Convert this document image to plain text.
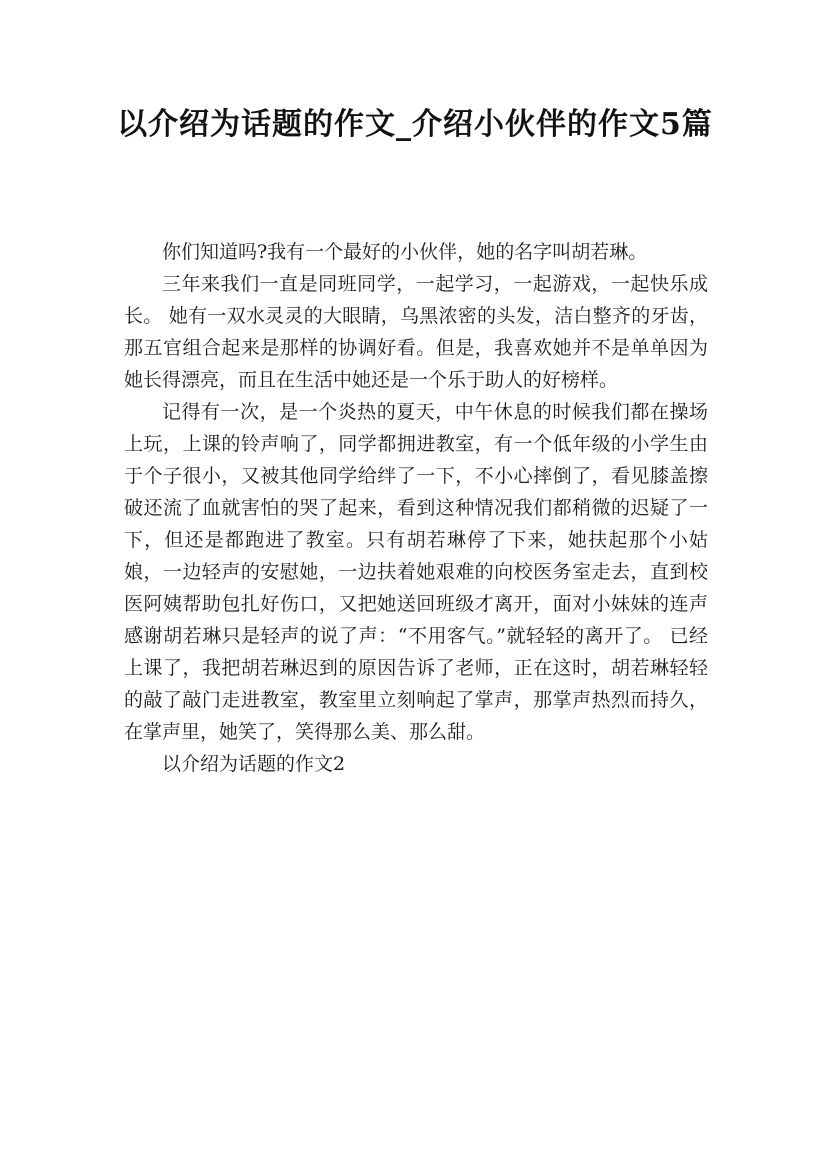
以介绍为话题的作文_介绍小伙伴的作文5篇

你们知道吗?我有一个最好的小伙伴，她的名字叫胡若琳。

三年来我们一直是同班同学，一起学习，一起游戏，一起快乐成长。 她有一双水灵灵的大眼睛，乌黑浓密的头发，洁白整齐的牙齿，那五官组合起来是那样的协调好看。但是，我喜欢她并不是单单因为她长得漂亮，而且在生活中她还是一个乐于助人的好榜样。

记得有一次，是一个炎热的夏天，中午休息的时候我们都在操场上玩，上课的铃声响了，同学都拥进教室，有一个低年级的小学生由于个子很小，又被其他同学给绊了一下，不小心摔倒了，看见膝盖擦破还流了血就害怕的哭了起来，看到这种情况我们都稍微的迟疑了一下，但还是都跑进了教室。只有胡若琳停了下来，她扶起那个小姑娘，一边轻声的安慰她，一边扶着她艰难的向校医务室走去，直到校医阿姨帮助包扎好伤口，又把她送回班级才离开，面对小妹妹的连声感谢胡若琳只是轻声的说了声：“不用客气。”就轻轻的离开了。 已经上课了，我把胡若琳迟到的原因告诉了老师，正在这时，胡若琳轻轻的敲了敲门走进教室，教室里立刻响起了掌声，那掌声热烈而持久，在掌声里，她笑了，笑得那么美、那么甜。

以介绍为话题的作文2
